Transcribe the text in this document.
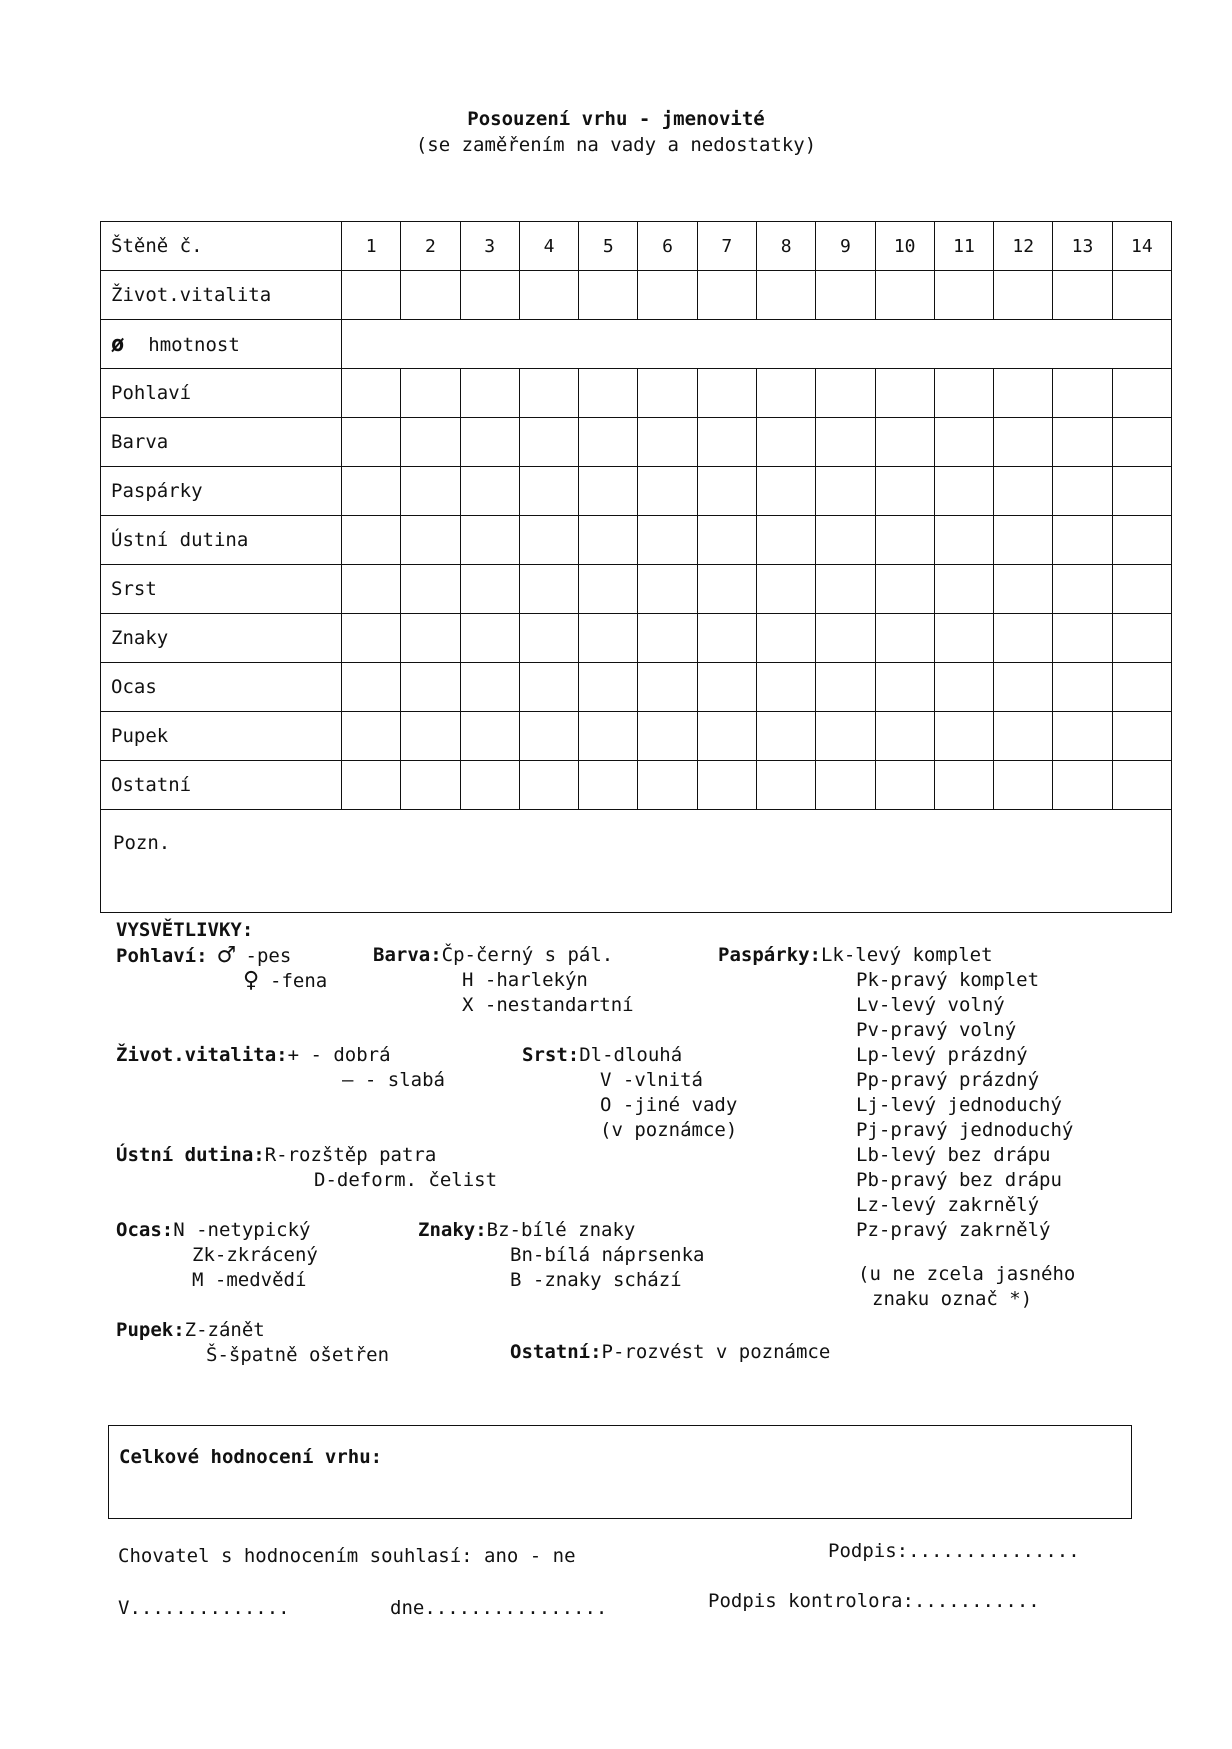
Posouzení vrhu - jmenovité
(se zaměřením na vady a nedostatky)
Štěně č.	1	2	3	4	5	6	7	8	9	10	11	12	13	14
Život.vitalita														
ø hmotnost														
Pohlaví														
Barva														
Paspárky														
Ústní dutina														
Srst														
Znaky														
Ocas														
Pupek														
Ostatní														
Pozn.														
VYSVĚTLIVKY:
Pohlaví: ♂ -pes
♀ -fena
Barva:Čp-černý s pál.
H -harlekýn
X -nestandartní
Paspárky:Lk-levý komplet
Pk-pravý komplet
Lv-levý volný
Pv-pravý volný
Lp-levý prázdný
Pp-pravý prázdný
Lj-levý jednoduchý
Pj-pravý jednoduchý
Lb-levý bez drápu
Pb-pravý bez drápu
Lz-levý zakrnělý
Pz-pravý zakrnělý
(u ne zcela jasného
znaku označ *)
Život.vitalita:+ - dobrá
— - slabá
Srst:Dl-dlouhá
V -vlnitá
O -jiné vady
(v poznámce)
Ústní dutina:R-rozštěp patra
D-deform. čelist
Ocas:N -netypický
Zk-zkrácený
M -medvědí
Znaky:Bz-bílé znaky
Bn-bílá náprsenka
B -znaky schází
Pupek:Z-zánět
Š-špatně ošetřen	Ostatní:P-rozvést v poznámce
Celkové hodnocení vrhu:
Chovatel s hodnocením souhlasí: ano - ne	Podpis:...............
V..............	dne................	Podpis kontrolora:...........
